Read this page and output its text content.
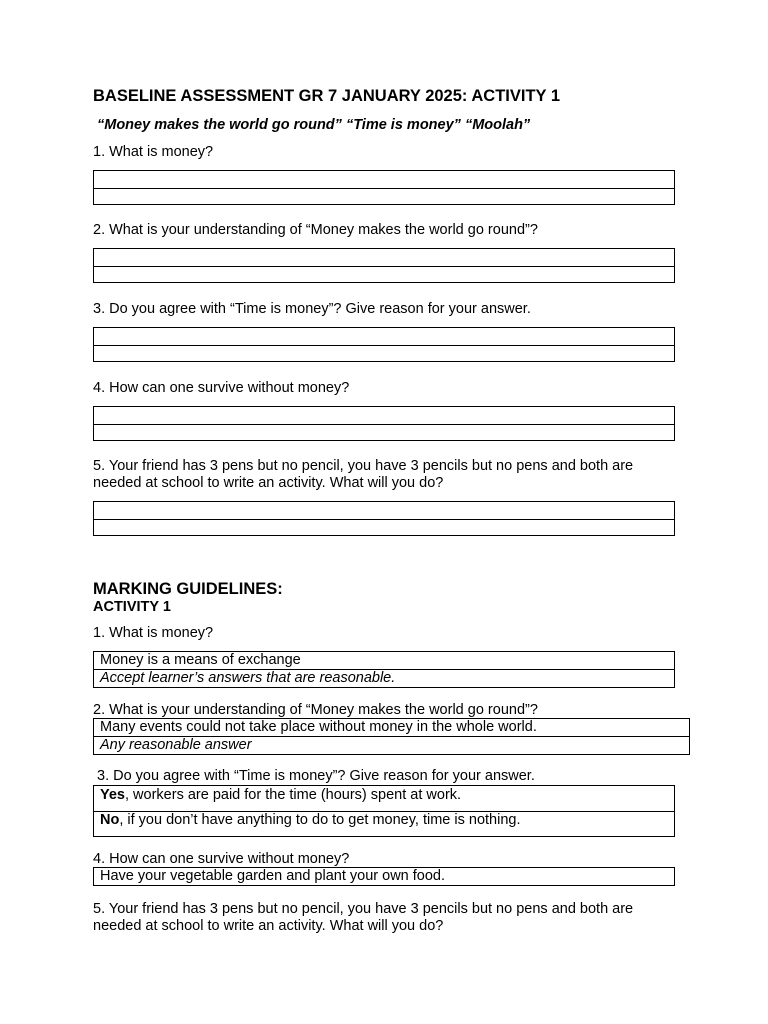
BASELINE ASSESSMENT GR 7 JANUARY 2025: ACTIVITY 1
“Money makes the world go round” “Time is money” “Moolah”
1. What is money?
2. What is your understanding of “Money makes the world go round”?
3. Do you agree with “Time is money”? Give reason for your answer.
4. How can one survive without money?
5. Your friend has 3 pens but no pencil, you have 3 pencils but no pens and both are needed at school to write an activity. What will you do?
MARKING GUIDELINES:
ACTIVITY 1
1. What is money?
Money is a means of exchange
Accept learner’s answers that are reasonable.
2. What is your understanding of “Money makes the world go round”?
Many events could not take place without money in the whole world.
Any reasonable answer
3. Do you agree with “Time is money”? Give reason for your answer.
Yes, workers are paid for the time (hours) spent at work.
No, if you don’t have anything to do to get money, time is nothing.
4. How can one survive without money?
Have your vegetable garden and plant your own food.
5. Your friend has 3 pens but no pencil, you have 3 pencils but no pens and both are needed at school to write an activity. What will you do?
